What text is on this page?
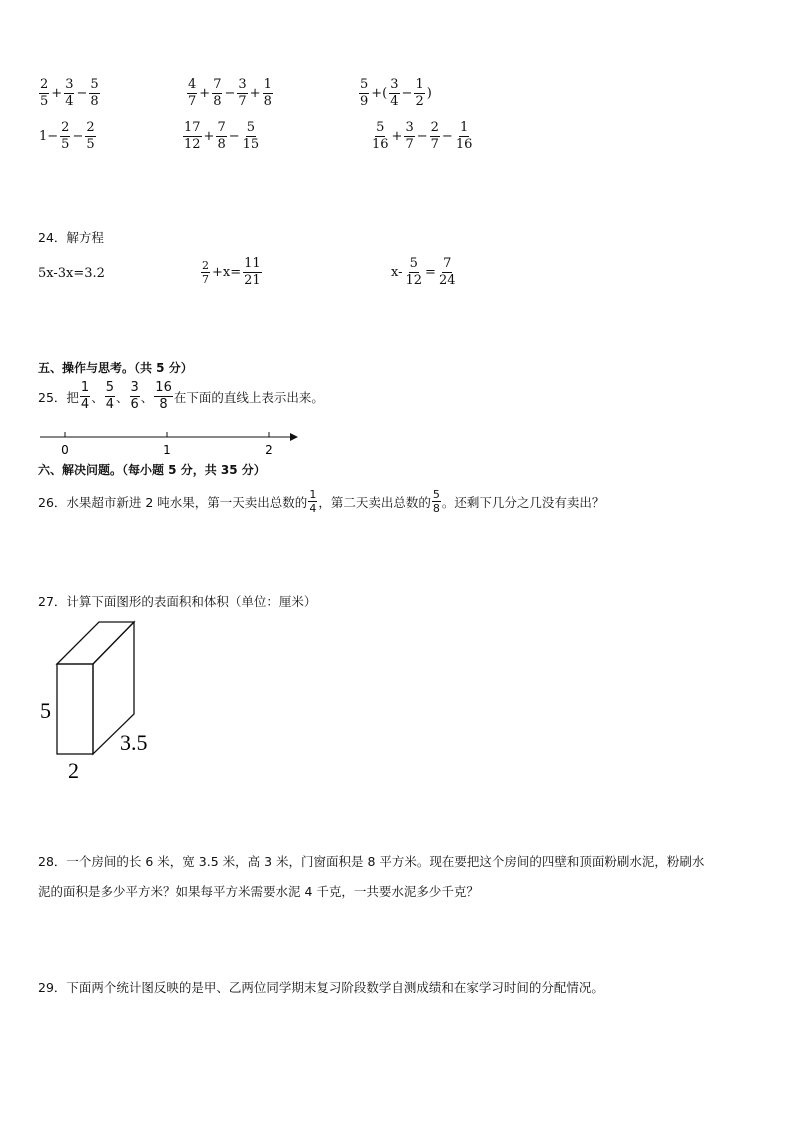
$\frac{2}{5} + \frac{3}{4} - \frac{5}{8}$	$\frac{4}{7} + \frac{7}{8} - \frac{3}{7} + \frac{1}{8}$	$\frac{5}{9}$ +( $\frac{3}{4} - \frac{1}{2}$ )
$1- \frac{2}{5} - \frac{2}{5}$	$\frac{17}{12} + \frac{7}{8} - \frac{5}{15}$	$\frac{5}{16} + \frac{3}{7} - \frac{2}{7} - \frac{1}{16}$
24．解方程
5x-3x=3.2	$\frac{2}{7} +x= \frac{11}{21}$	$x- \frac{5}{12} = \frac{7}{24}$
五、操作与思考。（共 5 分）
25．把 $\frac{1}{4}$ 、 $\frac{5}{4}$ 、 $\frac{3}{6}$ 、 $\frac{16}{8}$ 在下面的直线上表示出来。
0	1	2
六、解决问题。（每小题 5 分，共 35 分）
26．水果超市新进 2 吨水果，第一天卖出总数的 $\frac{1}{4}$ ，第二天卖出总数的 $\frac{5}{8}$ 。还剩下几分之几没有卖出？
27．计算下面图形的表面积和体积（单位：厘米）
5
2
3.5
28．一个房间的长 6 米，宽 3.5 米，高 3 米，门窗面积是 8 平方米。现在要把这个房间的四壁和顶面粉刷水泥，粉刷水
泥的面积是多少平方米？如果每平方米需要水泥 4 千克，一共要水泥多少千克？
29．下面两个统计图反映的是甲、乙两位同学期末复习阶段数学自测成绩和在家学习时间的分配情况。
